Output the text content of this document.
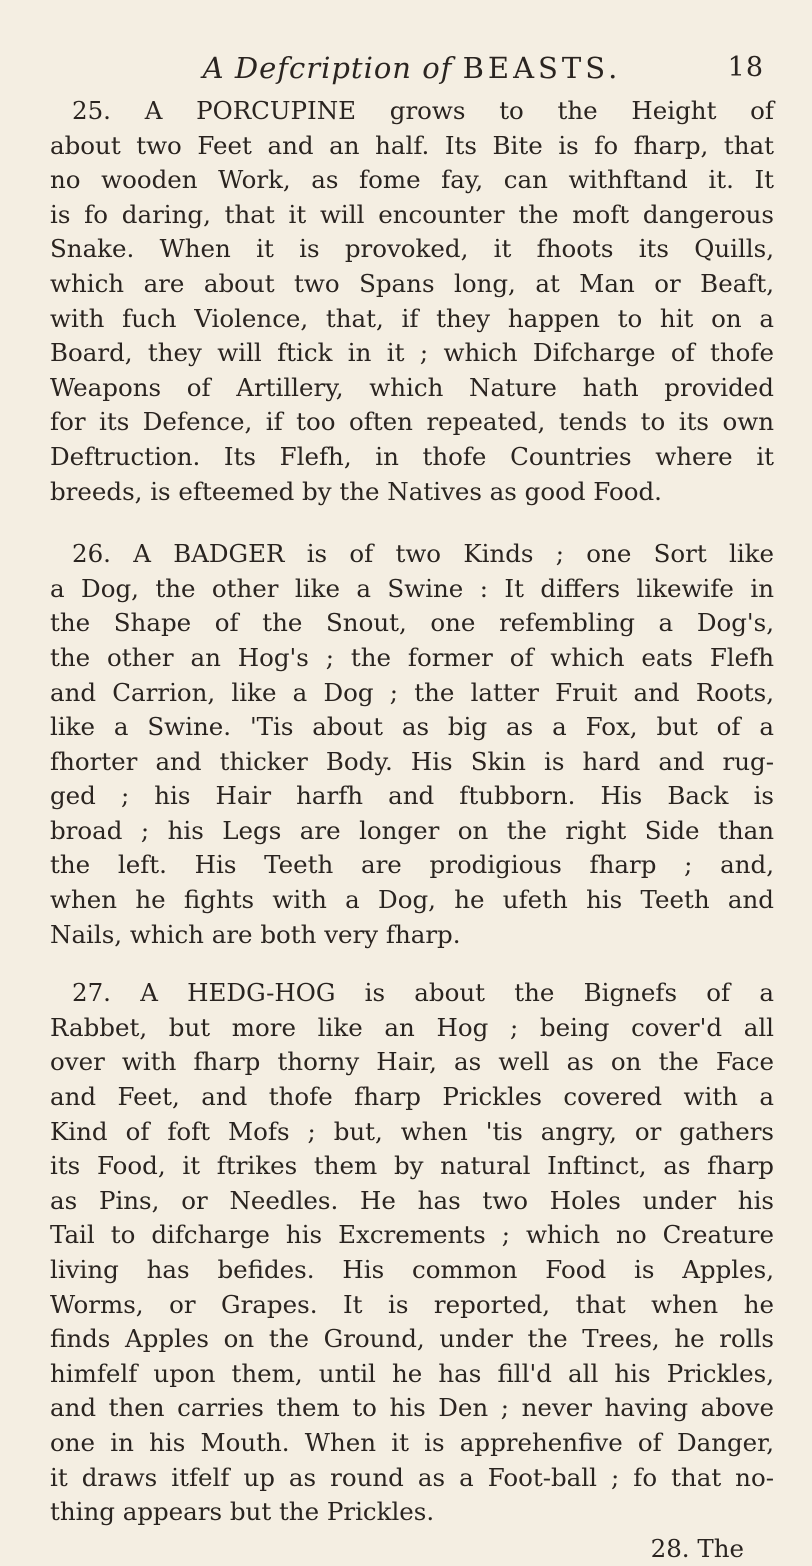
A Defcription of BEASTS.	18
25. A PORCUPINE grows to the Height of
about two Feet and an half. Its Bite is fo fharp, that
no wooden Work, as fome fay, can withftand it. It
is fo daring, that it will encounter the moft dangerous
Snake. When it is provoked, it fhoots its Quills,
which are about two Spans long, at Man or Beaft,
with fuch Violence, that, if they happen to hit on a
Board, they will ftick in it ; which Difcharge of thofe
Weapons of Artillery, which Nature hath provided
for its Defence, if too often repeated, tends to its own
Deftruction. Its Flefh, in thofe Countries where it
breeds, is efteemed by the Natives as good Food.
26. A BADGER is of two Kinds ; one Sort like
a Dog, the other like a Swine : It differs likewife in
the Shape of the Snout, one refembling a Dog's,
the other an Hog's ; the former of which eats Flefh
and Carrion, like a Dog ; the latter Fruit and Roots,
like a Swine. 'Tis about as big as a Fox, but of a
fhorter and thicker Body. His Skin is hard and rug-
ged ; his Hair harfh and ftubborn. His Back is
broad ; his Legs are longer on the right Side than
the left. His Teeth are prodigious fharp ; and,
when he fights with a Dog, he ufeth his Teeth and
Nails, which are both very fharp.
27. A HEDG-HOG is about the Bignefs of a
Rabbet, but more like an Hog ; being cover'd all
over with fharp thorny Hair, as well as on the Face
and Feet, and thofe fharp Prickles covered with a
Kind of foft Mofs ; but, when 'tis angry, or gathers
its Food, it ftrikes them by natural Inftinct, as fharp
as Pins, or Needles. He has two Holes under his
Tail to difcharge his Excrements ; which no Creature
living has befides. His common Food is Apples,
Worms, or Grapes. It is reported, that when he
finds Apples on the Ground, under the Trees, he rolls
himfelf upon them, until he has fill'd all his Prickles,
and then carries them to his Den ; never having above
one in his Mouth. When it is apprehenfive of Danger,
it draws itfelf up as round as a Foot-ball ; fo that no-
thing appears but the Prickles.
28. The
